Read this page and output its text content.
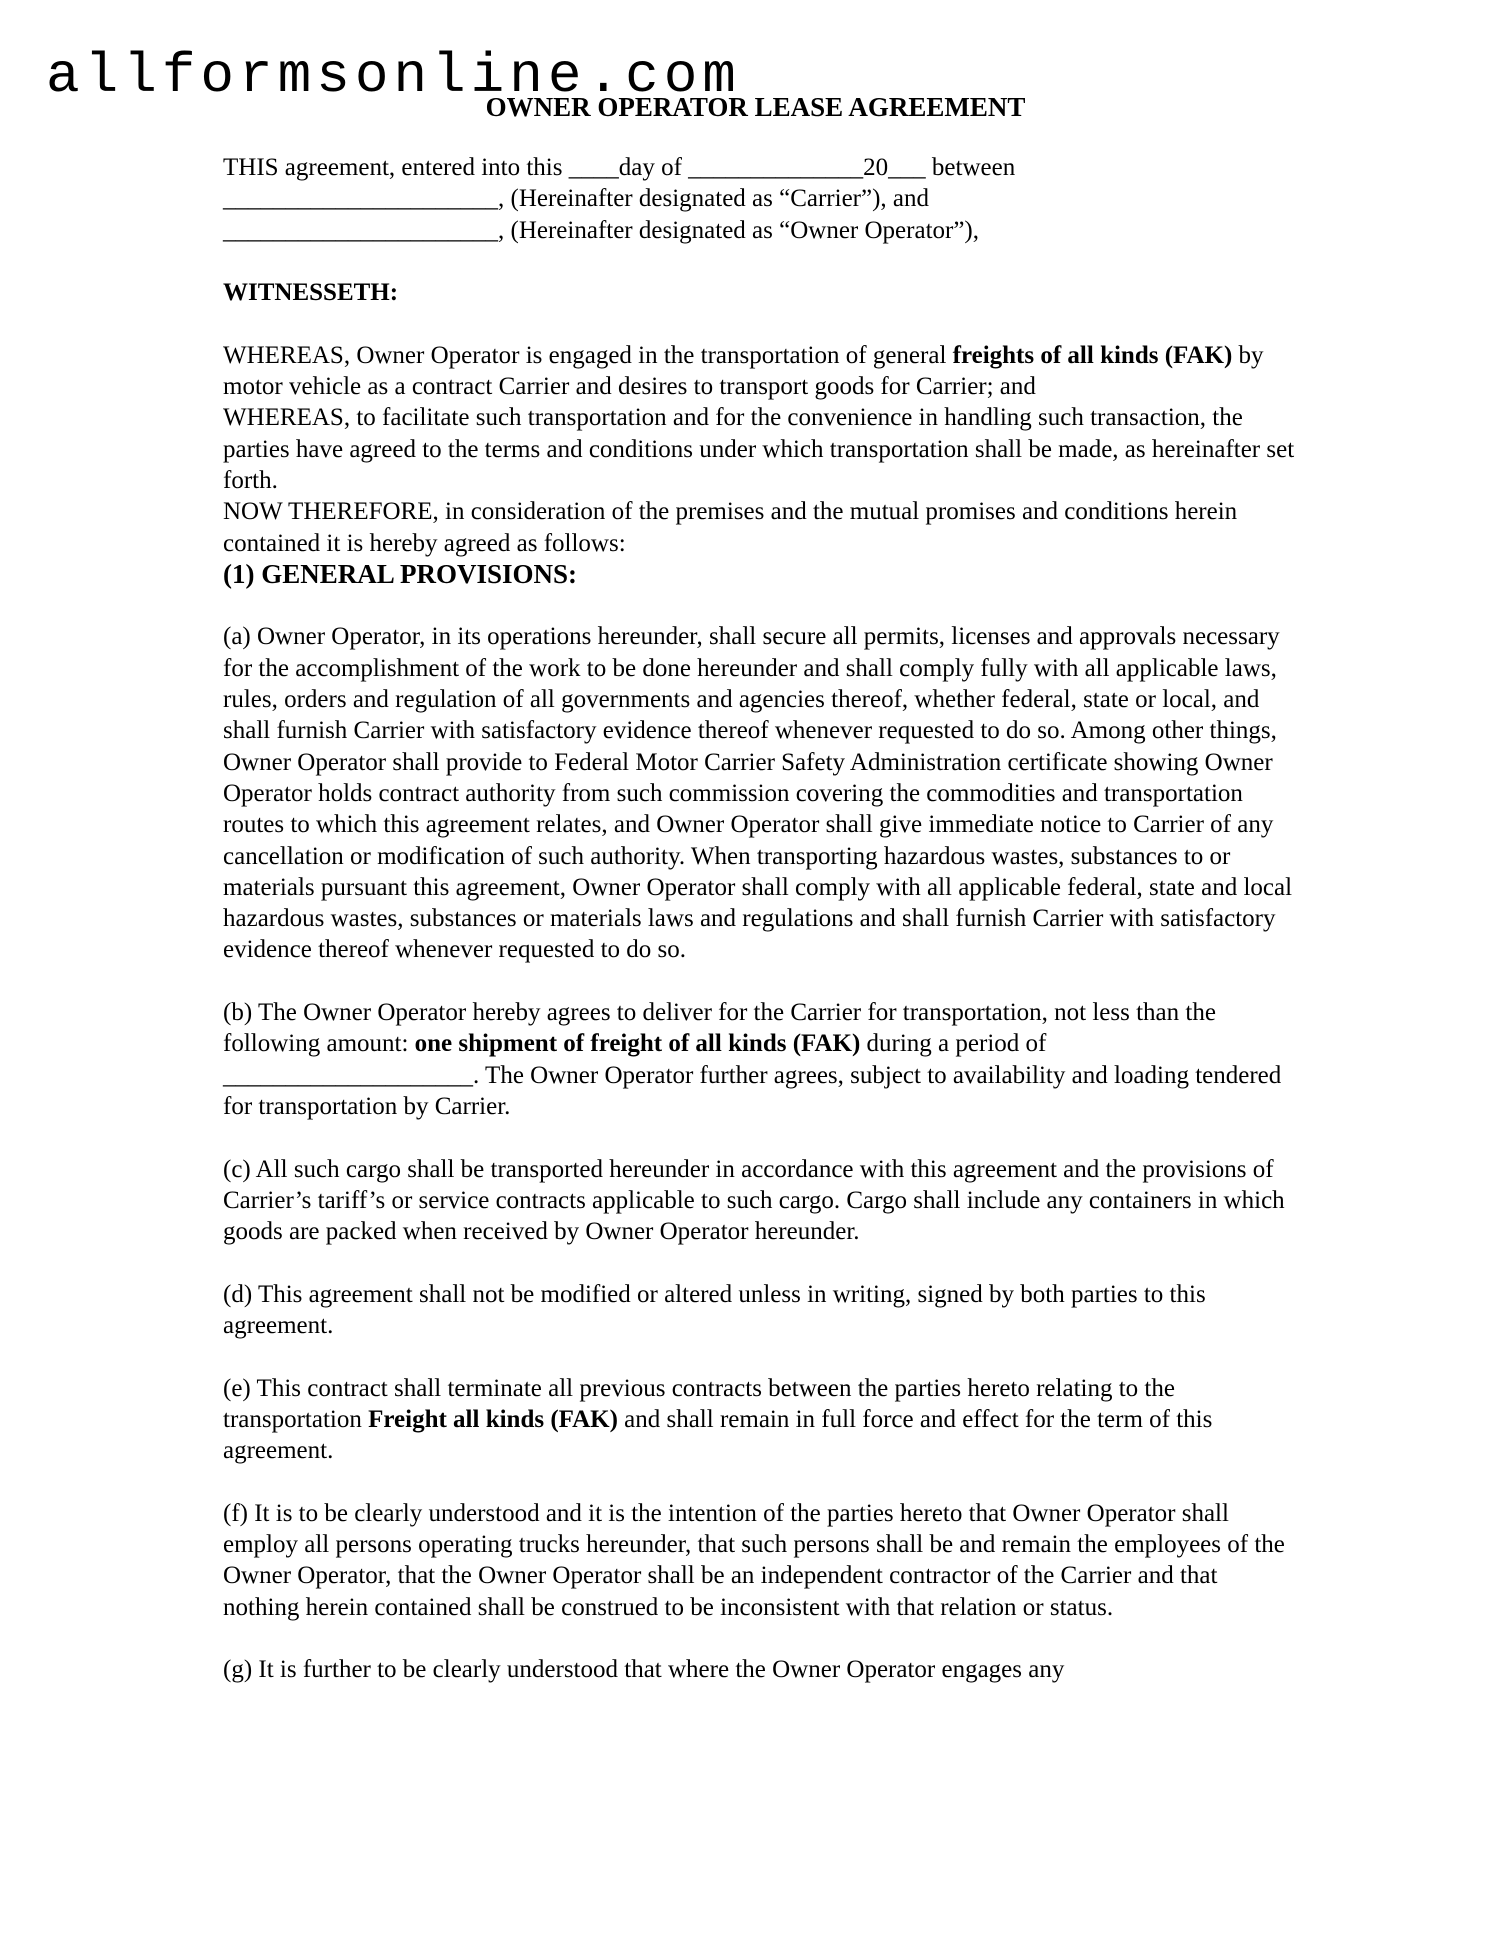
allformsonline.com
OWNER OPERATOR LEASE AGREEMENT

THIS agreement, entered into this ____day of ______________20___ between

______________________, (Hereinafter designated as “Carrier”), and

______________________, (Hereinafter designated as “Owner Operator”),

WITNESSETH:

WHEREAS, Owner Operator is engaged in the transportation of general freights of all kinds (FAK) by motor vehicle as a contract Carrier and desires to transport goods for Carrier; and

WHEREAS, to facilitate such transportation and for the convenience in handling such transaction, the parties have agreed to the terms and conditions under which transportation shall be made, as hereinafter set forth.

NOW THEREFORE, in consideration of the premises and the mutual promises and conditions herein contained it is hereby agreed as follows:

(1) GENERAL PROVISIONS:

(a) Owner Operator, in its operations hereunder, shall secure all permits, licenses and approvals necessary for the accomplishment of the work to be done hereunder and shall comply fully with all applicable laws, rules, orders and regulation of all governments and agencies thereof, whether federal, state or local, and shall furnish Carrier with satisfactory evidence thereof whenever requested to do so. Among other things, Owner Operator shall provide to Federal Motor Carrier Safety Administration certificate showing Owner Operator holds contract authority from such commission covering the commodities and transportation routes to which this agreement relates, and Owner Operator shall give immediate notice to Carrier of any cancellation or modification of such authority. When transporting hazardous wastes, substances to or materials pursuant this agreement, Owner Operator shall comply with all applicable federal, state and local hazardous wastes, substances or materials laws and regulations and shall furnish Carrier with satisfactory evidence thereof whenever requested to do so.

(b) The Owner Operator hereby agrees to deliver for the Carrier for transportation, not less than the following amount: one shipment of freight of all kinds (FAK) during a period of
____________________. The Owner Operator further agrees, subject to availability and loading tendered for transportation by Carrier.

(c) All such cargo shall be transported hereunder in accordance with this agreement and the provisions of Carrier’s tariff’s or service contracts applicable to such cargo. Cargo shall include any containers in which goods are packed when received by Owner Operator hereunder.

(d) This agreement shall not be modified or altered unless in writing, signed by both parties to this agreement.

(e) This contract shall terminate all previous contracts between the parties hereto relating to the transportation Freight all kinds (FAK) and shall remain in full force and effect for the term of this agreement.

(f) It is to be clearly understood and it is the intention of the parties hereto that Owner Operator shall employ all persons operating trucks hereunder, that such persons shall be and remain the employees of the Owner Operator, that the Owner Operator shall be an independent contractor of the Carrier and that nothing herein contained shall be construed to be inconsistent with that relation or status.

(g) It is further to be clearly understood that where the Owner Operator engages any
